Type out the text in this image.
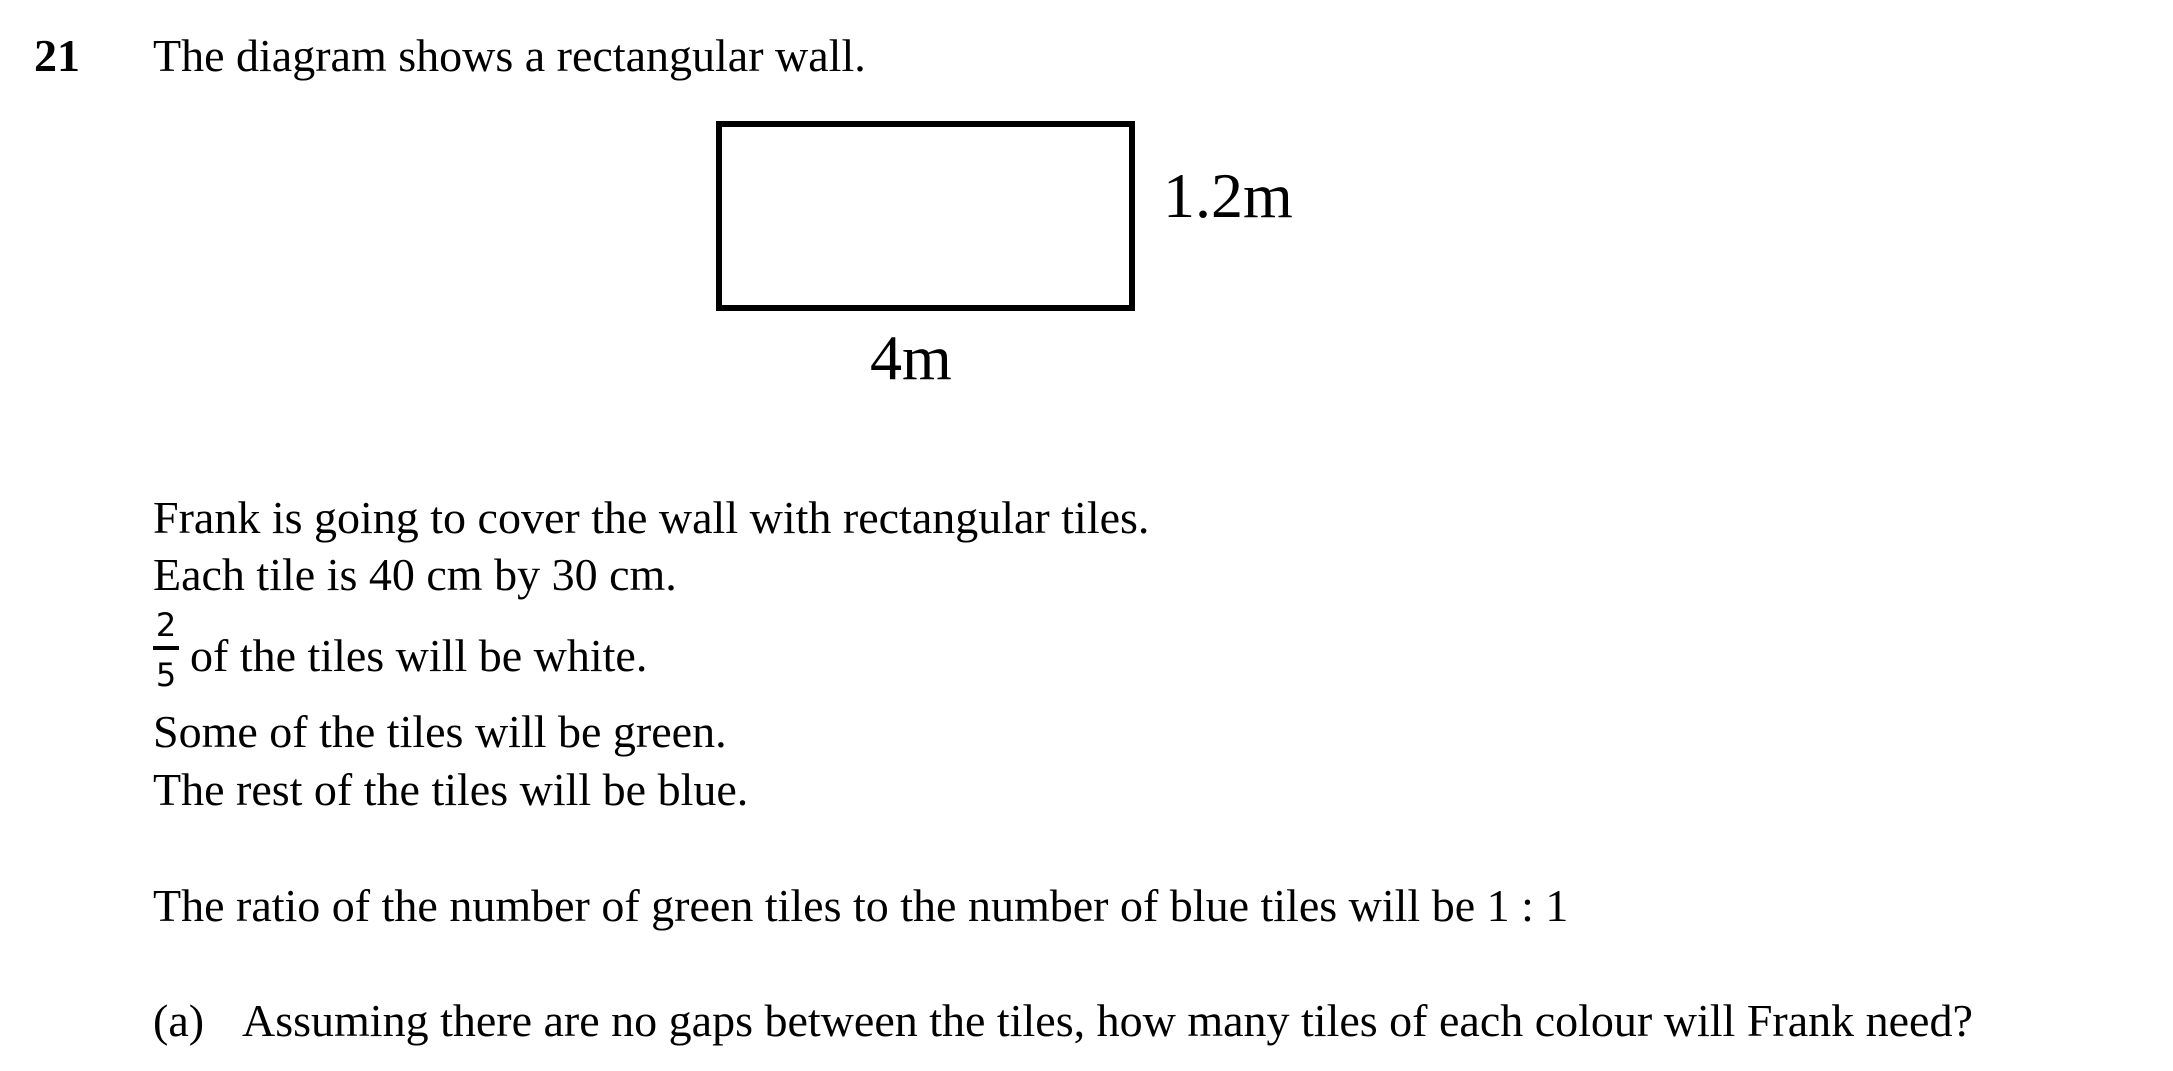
21 The diagram shows a rectangular wall.
1.2m
4m
Frank is going to cover the wall with rectangular tiles.
Each tile is 40 cm by 30 cm.
2
5 of the tiles will be white.
Some of the tiles will be green.
The rest of the tiles will be blue.
The ratio of the number of green tiles to the number of blue tiles will be 1 : 1
(a) Assuming there are no gaps between the tiles, how many tiles of each colour will Frank need?
